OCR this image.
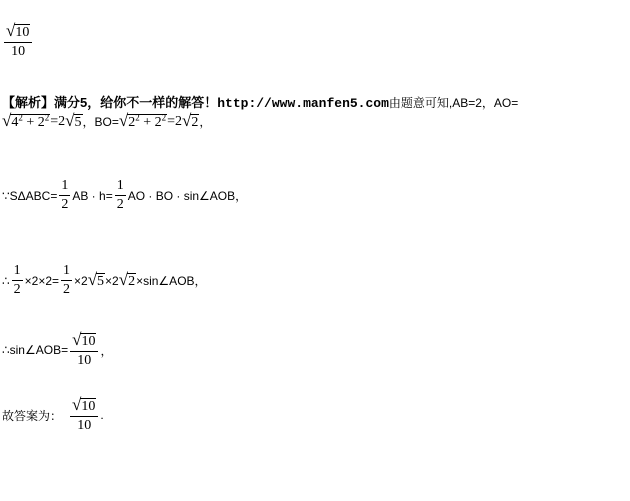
$\frac{√ 10}{10}$
【解析】 满分5，给你不一样的解答！ http://www.manfen5.com 由题意可知,AB=2，AO=
√ $4^2 + 2^2 =2$ √ 5 ，BO= √ $2^2 + 2^2 =2$ √ 2 ，
∵SΔABC= $\frac{1}{2}$ AB · $h= \frac{1}{2}$ AO · BO · sin∠AOB，
∴ $\frac{1}{2} \times 2\times 2= \frac{1}{2} \times 2$ √ 5 ×2 √ 2 ×sin∠AOB，
∴sin∠AOB= $\frac{√ 10}{10}$ ，
故答案为： $\frac{√ 10}{10}$ .
